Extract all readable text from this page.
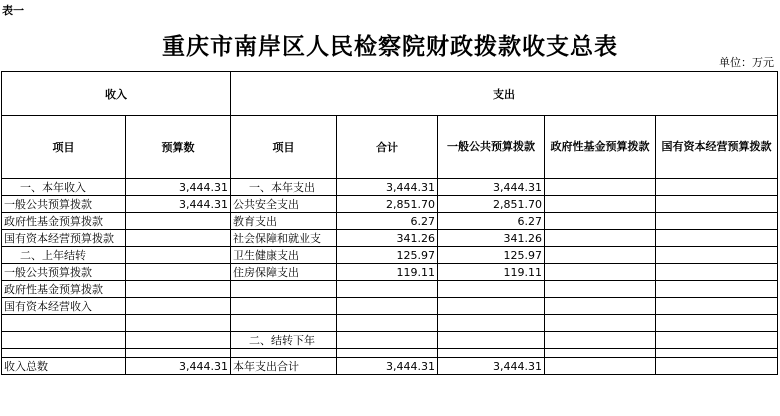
表一
重庆市南岸区人民检察院财政拨款收支总表
单位：万元
收入		支出				
项目	预算数	项目	合计	一般公共预算拨款	政府性基金预算拨款	国有资本经营预算拨款
一、本年收入	3,444.31	一、本年支出	3,444.31	3,444.31		
一般公共预算拨款	3,444.31	公共安全支出	2,851.70	2,851.70		
政府性基金预算拨款		教育支出	6.27	6.27		
国有资本经营预算拨款		社会保障和就业支	341.26	341.26		
二、上年结转		卫生健康支出	125.97	125.97		
一般公共预算拨款		住房保障支出	119.11	119.11		
政府性基金预算拨款						
国有资本经营收入						

		二、结转下年				

收入总数	3,444.31	本年支出合计	3,444.31	3,444.31		
